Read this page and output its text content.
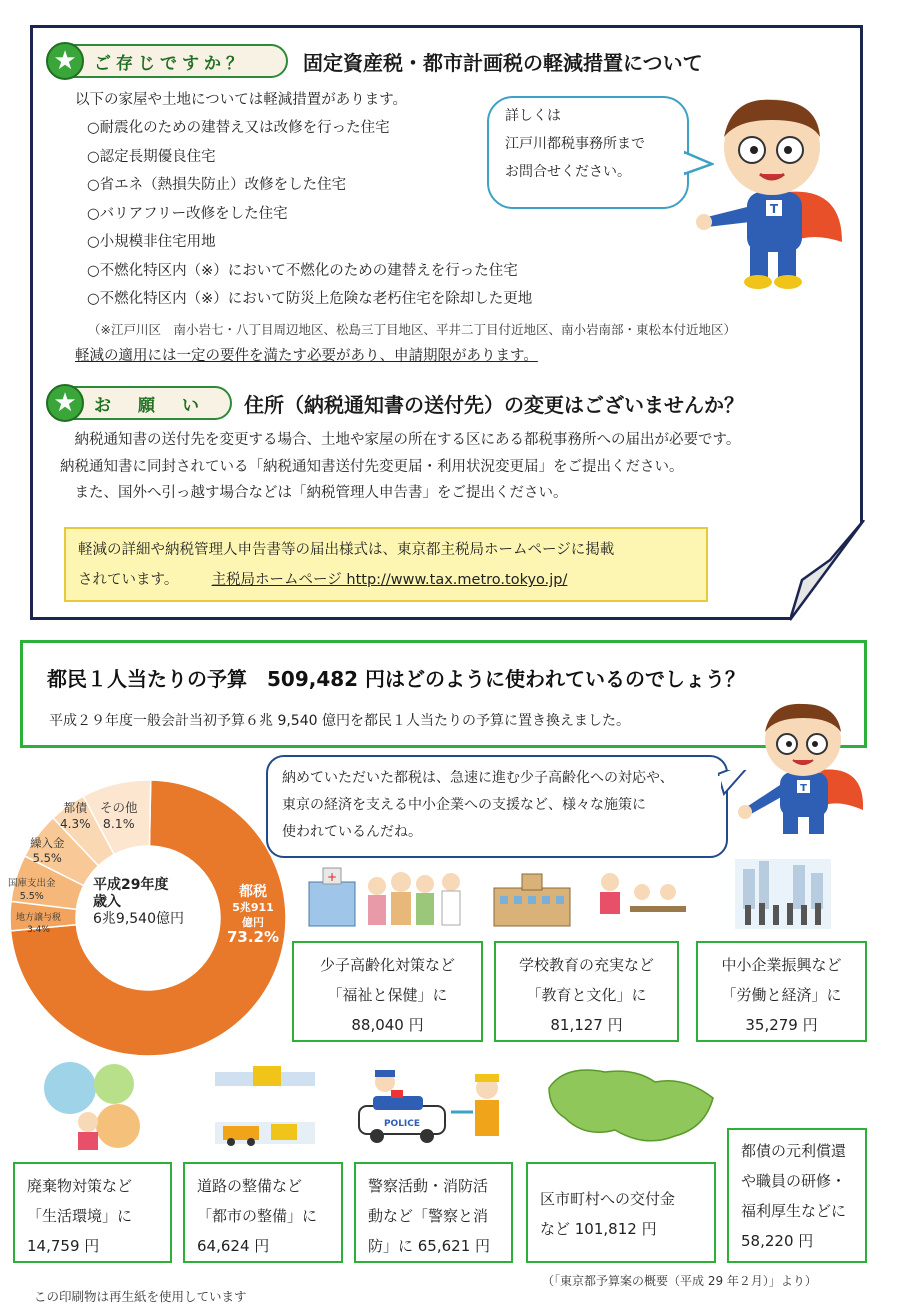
★	ご存じですか？	固定資産税・都市計画税の軽減措置について
以下の家屋や土地については軽減措置があります。
○耐震化のための建替え又は改修を行った住宅
○認定長期優良住宅
○省エネ（熱損失防止）改修をした住宅
○バリアフリー改修をした住宅
○小規模非住宅用地
○不燃化特区内（※）において不燃化のための建替えを行った住宅
○不燃化特区内（※）において防災上危険な老朽住宅を除却した更地
（※江戸川区　南小岩七・八丁目周辺地区、松島三丁目地区、平井二丁目付近地区、南小岩南部・東松本付近地区）
軽減の適用には一定の要件を満たす必要があり、申請期限があります。
詳しくは
江戸川都税事務所まで
お問合せください。
T
★	お　願　い 住所（納税通知書の送付先）の変更はございませんか？
　納税通知書の送付先を変更する場合、土地や家屋の所在する区にある都税事務所への届出が必要です。
納税通知書に同封されている「納税通知書送付先変更届・利用状況変更届」をご提出ください。
　また、国外へ引っ越す場合などは「納税管理人申告書」をご提出ください。
軽減の詳細や納税管理人申告書等の届出様式は、東京都主税局ホームページに掲載
されています。 主税局ホームページ http://www.tax.metro.tokyo.jp/
都民１人当たりの予算　509,482 円はどのように使われているのでしょう？
平成２９年度一般会計当初予算６兆 9,540 億円を都民１人当たりの予算に置き換えました。
納めていただいた都税は、急速に進む少子高齢化への対応や、
東京の経済を支える中小企業への支援など、様々な施策に
使われているんだね。
T
平成29年度
歳入
6兆9,540億円
都税
5兆911
億円
73.2%
地方譲与税
3.4%
国庫支出金
5.5%
繰入金
5.5%
都債
4.3%
その他
8.1%
+
少子高齢化対策など
「福祉と保健」に
88,040 円
学校教育の充実など
「教育と文化」に
81,127 円
中小企業振興など
「労働と経済」に
35,279 円
POLICE
廃棄物対策など
「生活環境」に
14,759 円
道路の整備など
「都市の整備」に
64,624 円
警察活動・消防活
動など「警察と消
防」に 65,621 円
区市町村への交付金
など 101,812 円
都債の元利償還
や職員の研修・
福利厚生などに
58,220 円
（「東京都予算案の概要（平成 29 年２月）」より）
この印刷物は再生紙を使用しています
